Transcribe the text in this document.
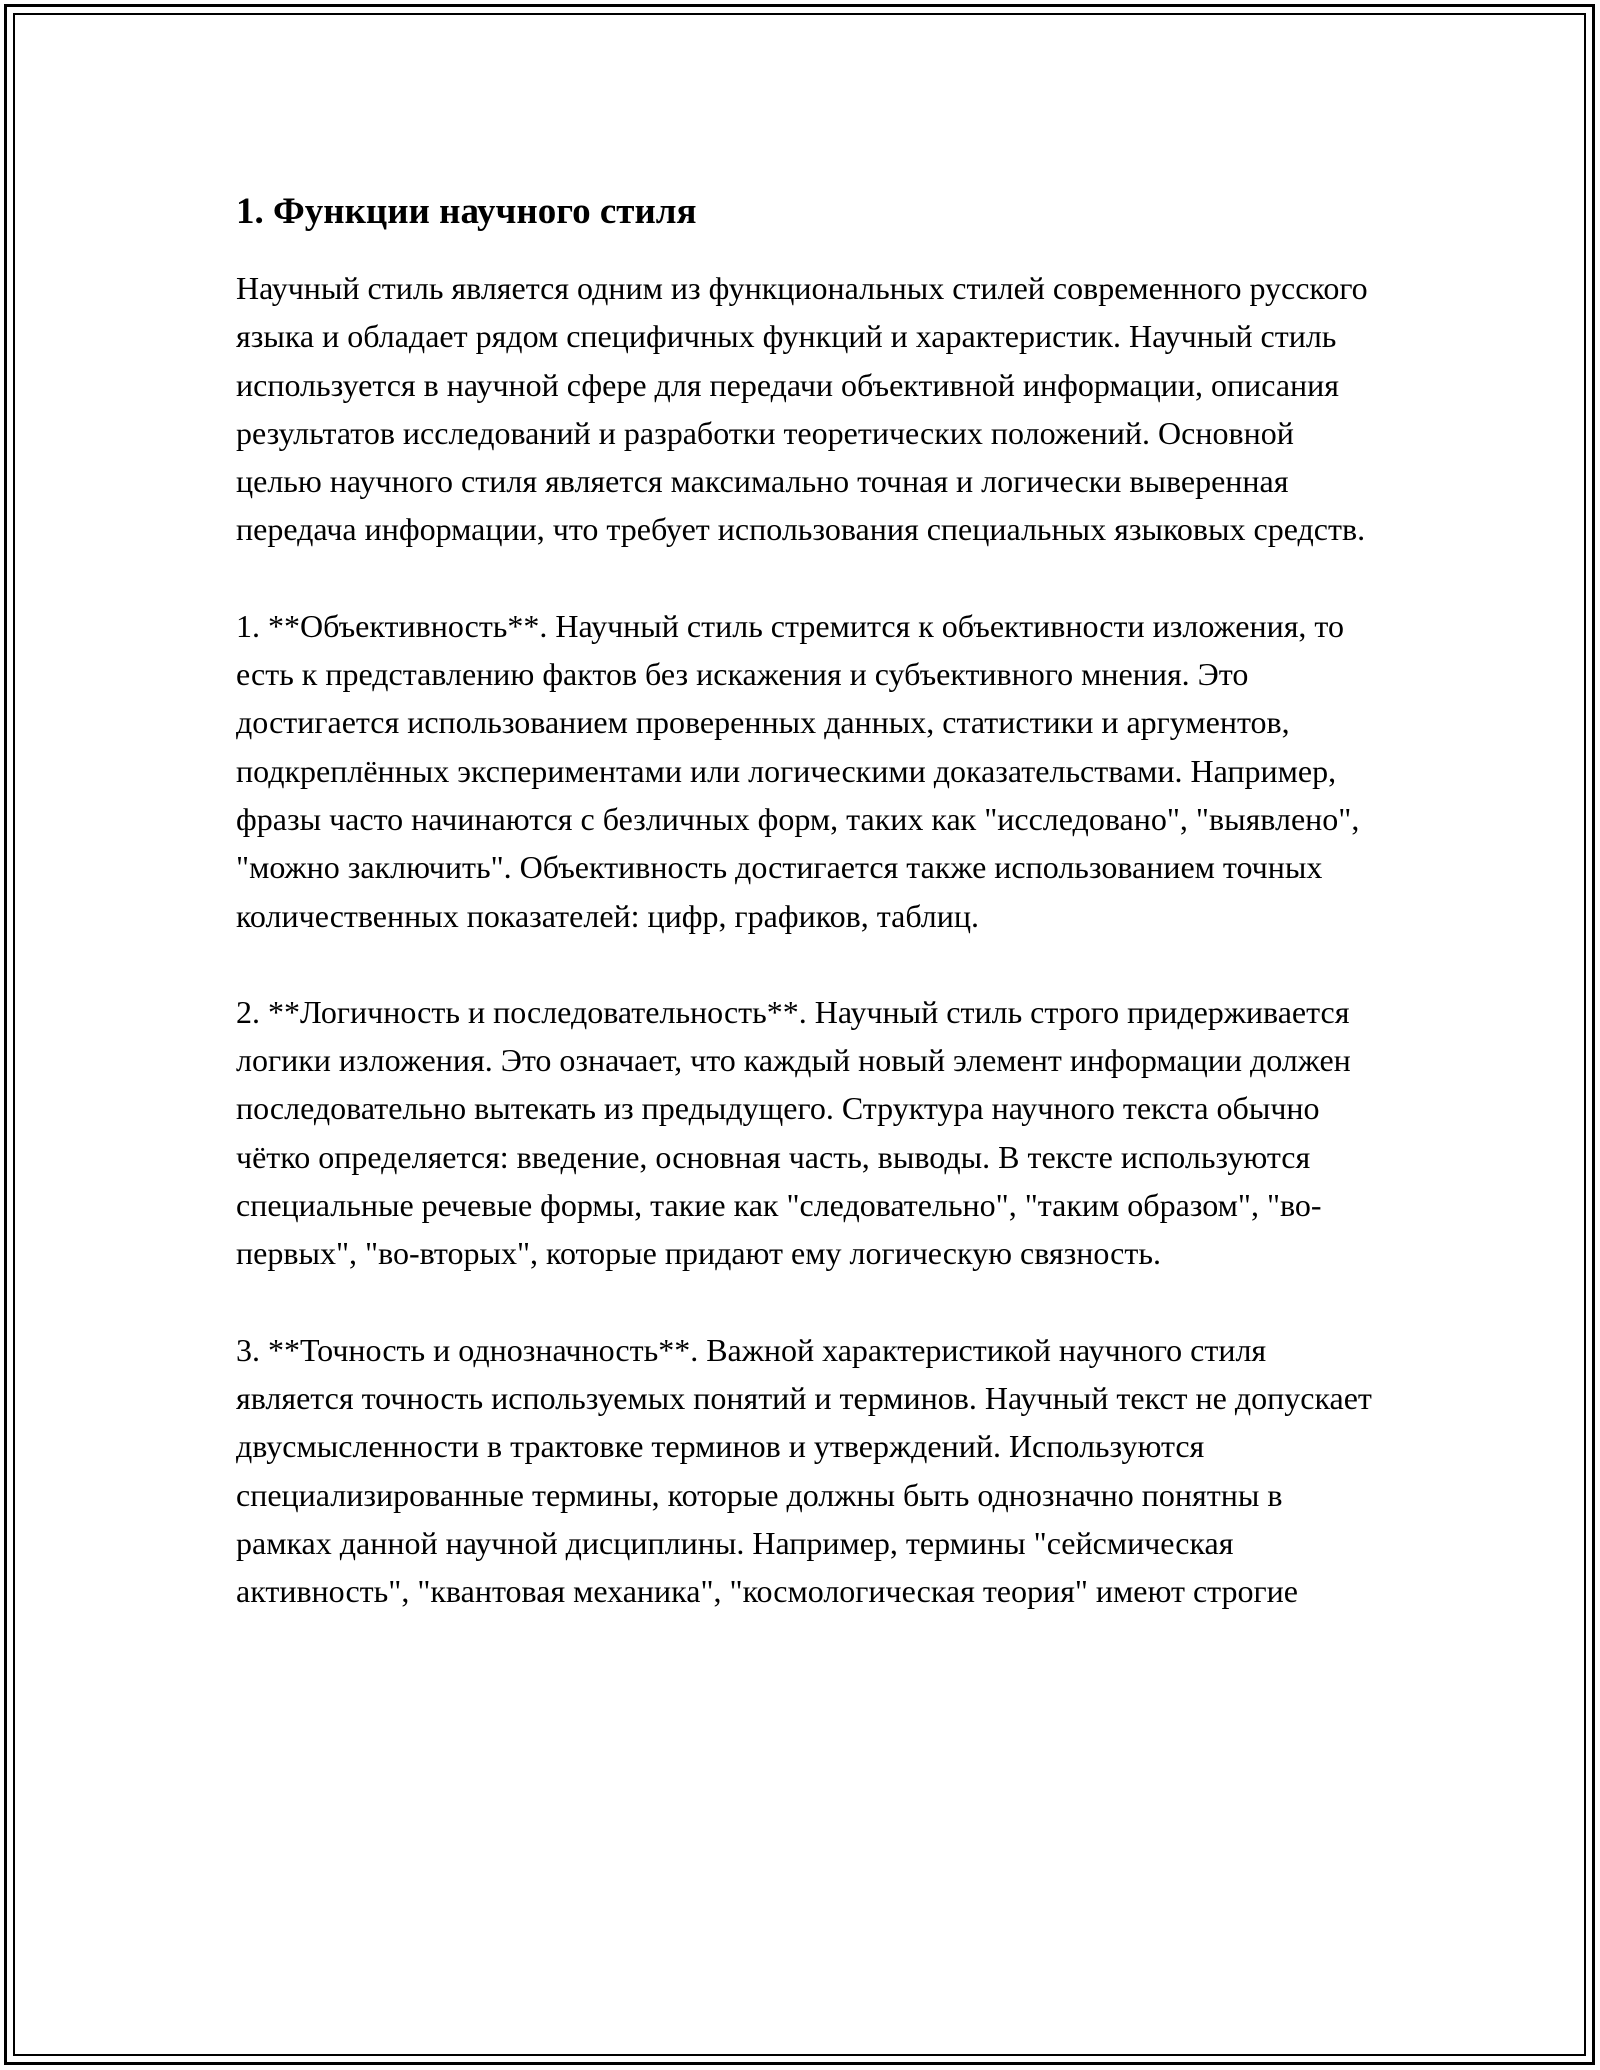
1. Функции научного стиля

Научный стиль является одним из функциональных стилей современного русского языка и обладает рядом специфичных функций и характеристик. Научный стиль используется в научной сфере для передачи объективной информации, описания результатов исследований и разработки теоретических положений. Основной целью научного стиля является максимально точная и логически выверенная передача информации, что требует использования специальных языковых средств.

1. **Объективность**. Научный стиль стремится к объективности изложения, то есть к представлению фактов без искажения и субъективного мнения. Это достигается использованием проверенных данных, статистики и аргументов, подкреплённых экспериментами или логическими доказательствами. Например, фразы часто начинаются с безличных форм, таких как "исследовано", "выявлено", "можно заключить". Объективность достигается также использованием точных количественных показателей: цифр, графиков, таблиц.

2. **Логичность и последовательность**. Научный стиль строго придерживается логики изложения. Это означает, что каждый новый элемент информации должен последовательно вытекать из предыдущего. Структура научного текста обычно чётко определяется: введение, основная часть, выводы. В тексте используются специальные речевые формы, такие как "следовательно", "таким образом", "во-первых", "во-вторых", которые придают ему логическую связность.

3. **Точность и однозначность**. Важной характеристикой научного стиля является точность используемых понятий и терминов. Научный текст не допускает двусмысленности в трактовке терминов и утверждений. Используются специализированные термины, которые должны быть однозначно понятны в рамках данной научной дисциплины. Например, термины "сейсмическая активность", "квантовая механика", "космологическая теория" имеют строгие
